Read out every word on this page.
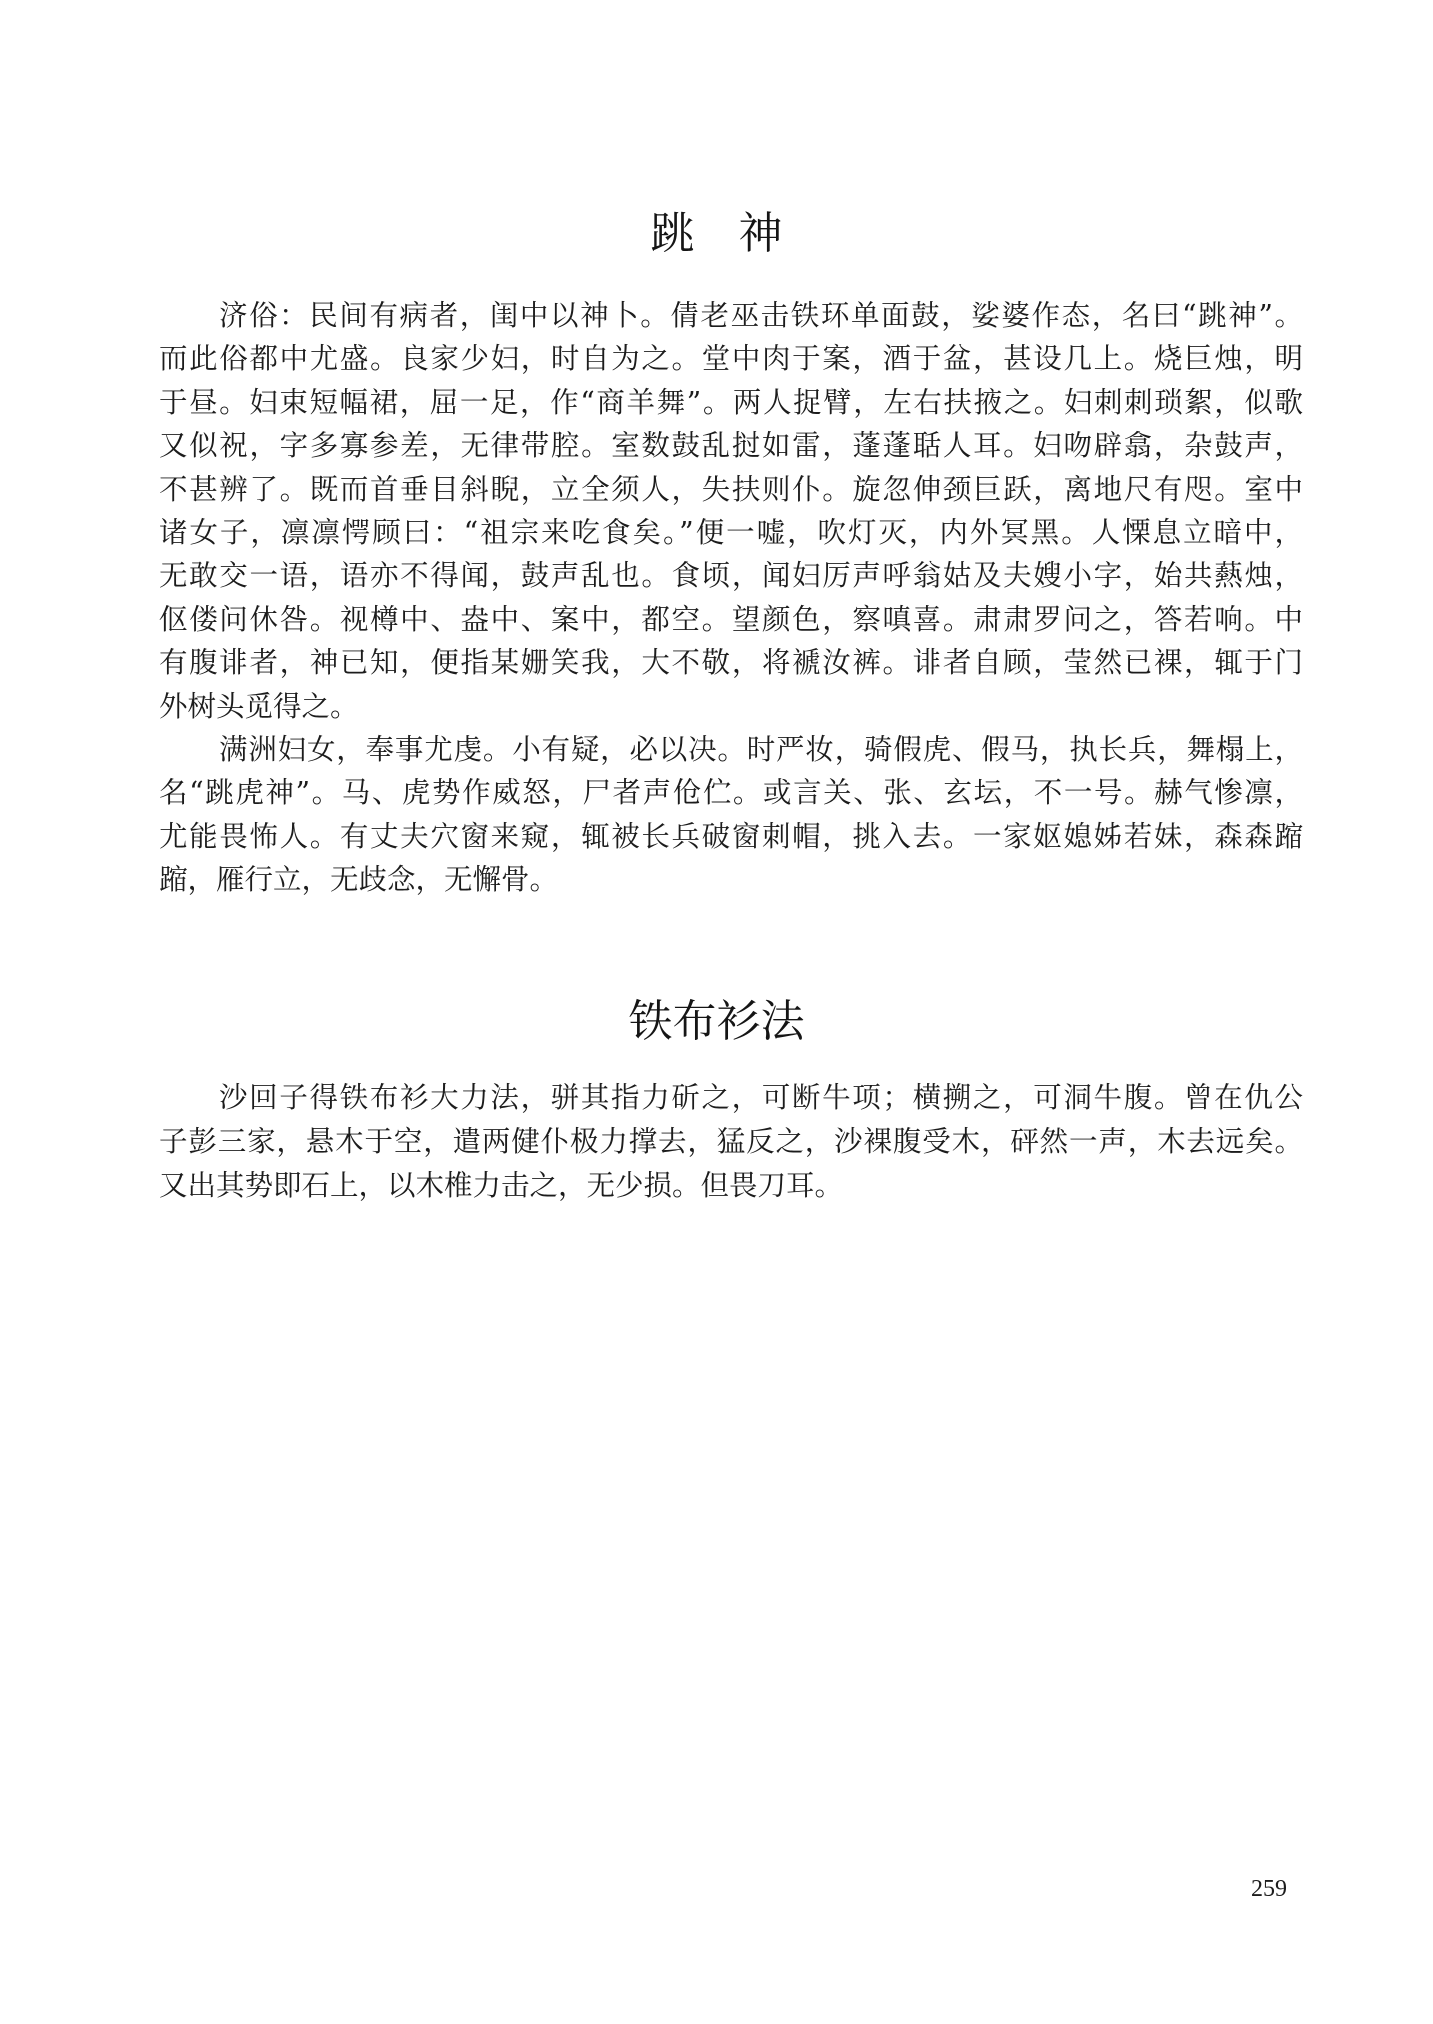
跳　神
济俗：民间有病者，闺中以神卜。倩老巫击铁环单面鼓，娑婆作态，名曰“跳神”。
而此俗都中尤盛。良家少妇，时自为之。堂中肉于案，酒于盆，甚设几上。烧巨烛，明
于昼。妇束短幅裙，屈一足，作“商羊舞”。两人捉臂，左右扶掖之。妇刺刺琐絮，似歌
又似祝，字多寡参差，无律带腔。室数鼓乱挝如雷，蓬蓬聒人耳。妇吻辟翕，杂鼓声，
不甚辨了。既而首垂目斜睨，立全须人，失扶则仆。旋忽伸颈巨跃，离地尺有咫。室中
诸女子，凛凛愕顾曰：“祖宗来吃食矣。”便一嘘，吹灯灭，内外冥黑。人慄息立暗中，
无敢交一语，语亦不得闻，鼓声乱也。食顷，闻妇厉声呼翁姑及夫嫂小字，始共爇烛，
伛偻问休咎。视樽中、盎中、案中，都空。望颜色，察嗔喜。肃肃罗问之，答若响。中
有腹诽者，神已知，便指某姗笑我，大不敬，将褫汝裤。诽者自顾，莹然已裸，辄于门
外树头觅得之。
满洲妇女，奉事尤虔。小有疑，必以决。时严妆，骑假虎、假马，执长兵，舞榻上，
名“跳虎神”。马、虎势作威怒，尸者声伧伫。或言关、张、玄坛，不一号。赫气惨凛，
尤能畏怖人。有丈夫穴窗来窥，辄被长兵破窗刺帽，挑入去。一家妪媳姊若妹，森森蹜
蹜，雁行立，无歧念，无懈骨。
铁布衫法
沙回子得铁布衫大力法，骈其指力斫之，可断牛项；横搠之，可洞牛腹。曾在仇公
子彭三家，悬木于空，遣两健仆极力撑去，猛反之，沙裸腹受木，砰然一声，木去远矣。
又出其势即石上，以木椎力击之，无少损。但畏刀耳。
259
